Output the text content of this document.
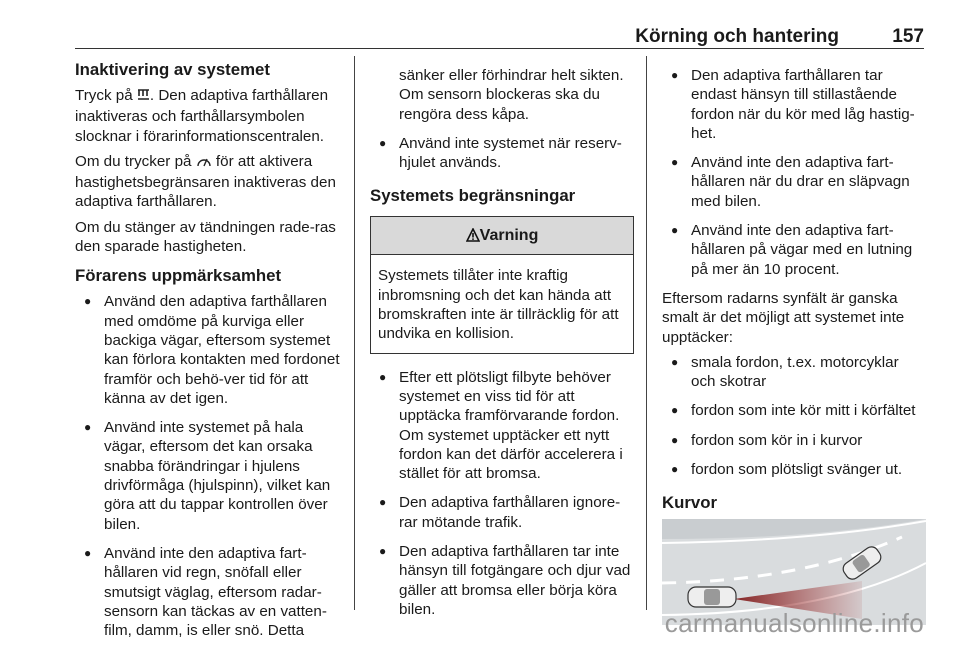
Körning och hantering	157
Inaktivering av systemet

Tryck på . Den adaptiva farthållaren inaktiveras och farthållarsymbolen slocknar i förarinformationscentralen.

Om du trycker på  för att aktivera hastighetsbegränsaren inaktiveras den adaptiva farthållaren.

Om du stänger av tändningen rade-ras den sparade hastigheten.

Förarens uppmärksamhet
● Använd den adaptiva farthållaren med omdöme på kurviga eller backiga vägar, eftersom systemet kan förlora kontakten med fordonet framför och behö-ver tid för att känna av det igen.
● Använd inte systemet på hala vägar, eftersom det kan orsaka snabba förändringar i hjulens drivförmåga (hjulspinn), vilket kan göra att du tappar kontrollen över bilen.
● Använd inte den adaptiva fart-hållaren vid regn, snöfall eller smutsigt väglag, eftersom radar-sensorn kan täckas av en vatten-film, damm, is eller snö. Detta
sänker eller förhindrar helt sikten. Om sensorn blockeras ska du rengöra dess kåpa.
● Använd inte systemet när reserv-hjulet används.
Systemets begränsningar
Varning
Systemets tillåter inte kraftig inbromsning och det kan hända att bromskraften inte är tillräcklig för att undvika en kollision.
● Efter ett plötsligt filbyte behöver systemet en viss tid för att upptäcka framförvarande fordon. Om systemet upptäcker ett nytt fordon kan det därför accelerera i stället för att bromsa.
● Den adaptiva farthållaren ignore-rar mötande trafik.
● Den adaptiva farthållaren tar inte hänsyn till fotgängare och djur vad gäller att bromsa eller börja köra bilen.
● Den adaptiva farthållaren tar endast hänsyn till stillastående fordon när du kör med låg hastig-het.
● Använd inte den adaptiva fart-hållaren när du drar en släpvagn med bilen.
● Använd inte den adaptiva fart-hållaren på vägar med en lutning på mer än 10 procent.

Eftersom radarns synfält är ganska smalt är det möjligt att systemet inte upptäcker:

● smala fordon, t.ex. motorcyklar och skotrar
● fordon som inte kör mitt i körfältet
● fordon som kör in i kurvor
● fordon som plötsligt svänger ut.
Kurvor
carmanualsonline.info
